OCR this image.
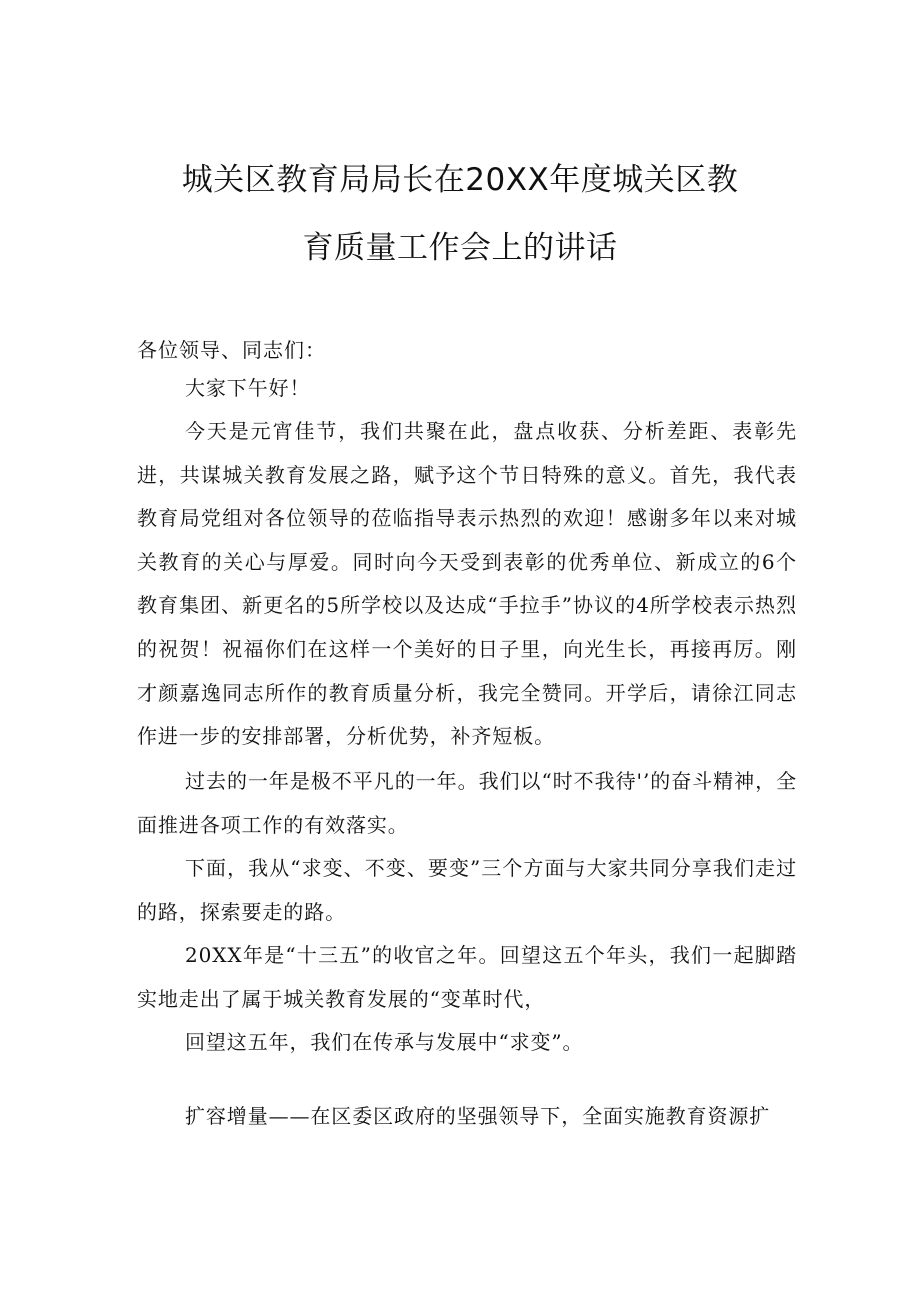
城关区教育局局长在20XX年度城关区教
育质量工作会上的讲话
各位领导、同志们：

大家下午好！

今天是元宵佳节，我们共聚在此，盘点收获、分析差距、表彰先进，共谋城关教育发展之路，赋予这个节日特殊的意义。首先，我代表教育局党组对各位领导的莅临指导表示热烈的欢迎！感谢多年以来对城关教育的关心与厚爱。同时向今天受到表彰的优秀单位、新成立的6个教育集团、新更名的5所学校以及达成“手拉手”协议的4所学校表示热烈的祝贺！祝福你们在这样一个美好的日子里，向光生长，再接再厉。刚才颜嘉逸同志所作的教育质量分析，我完全赞同。开学后，请徐江同志作进一步的安排部署，分析优势，补齐短板。

过去的一年是极不平凡的一年。我们以“时不我待'’的奋斗精神，全面推进各项工作的有效落实。

下面，我从“求变、不变、要变”三个方面与大家共同分享我们走过的路，探索要走的路。

20XX年是“十三五”的收官之年。回望这五个年头，我们一起脚踏实地走出了属于城关教育发展的“变革时代，

回望这五年，我们在传承与发展中“求变”。

扩容增量——在区委区政府的坚强领导下，全面实施教育资源扩
